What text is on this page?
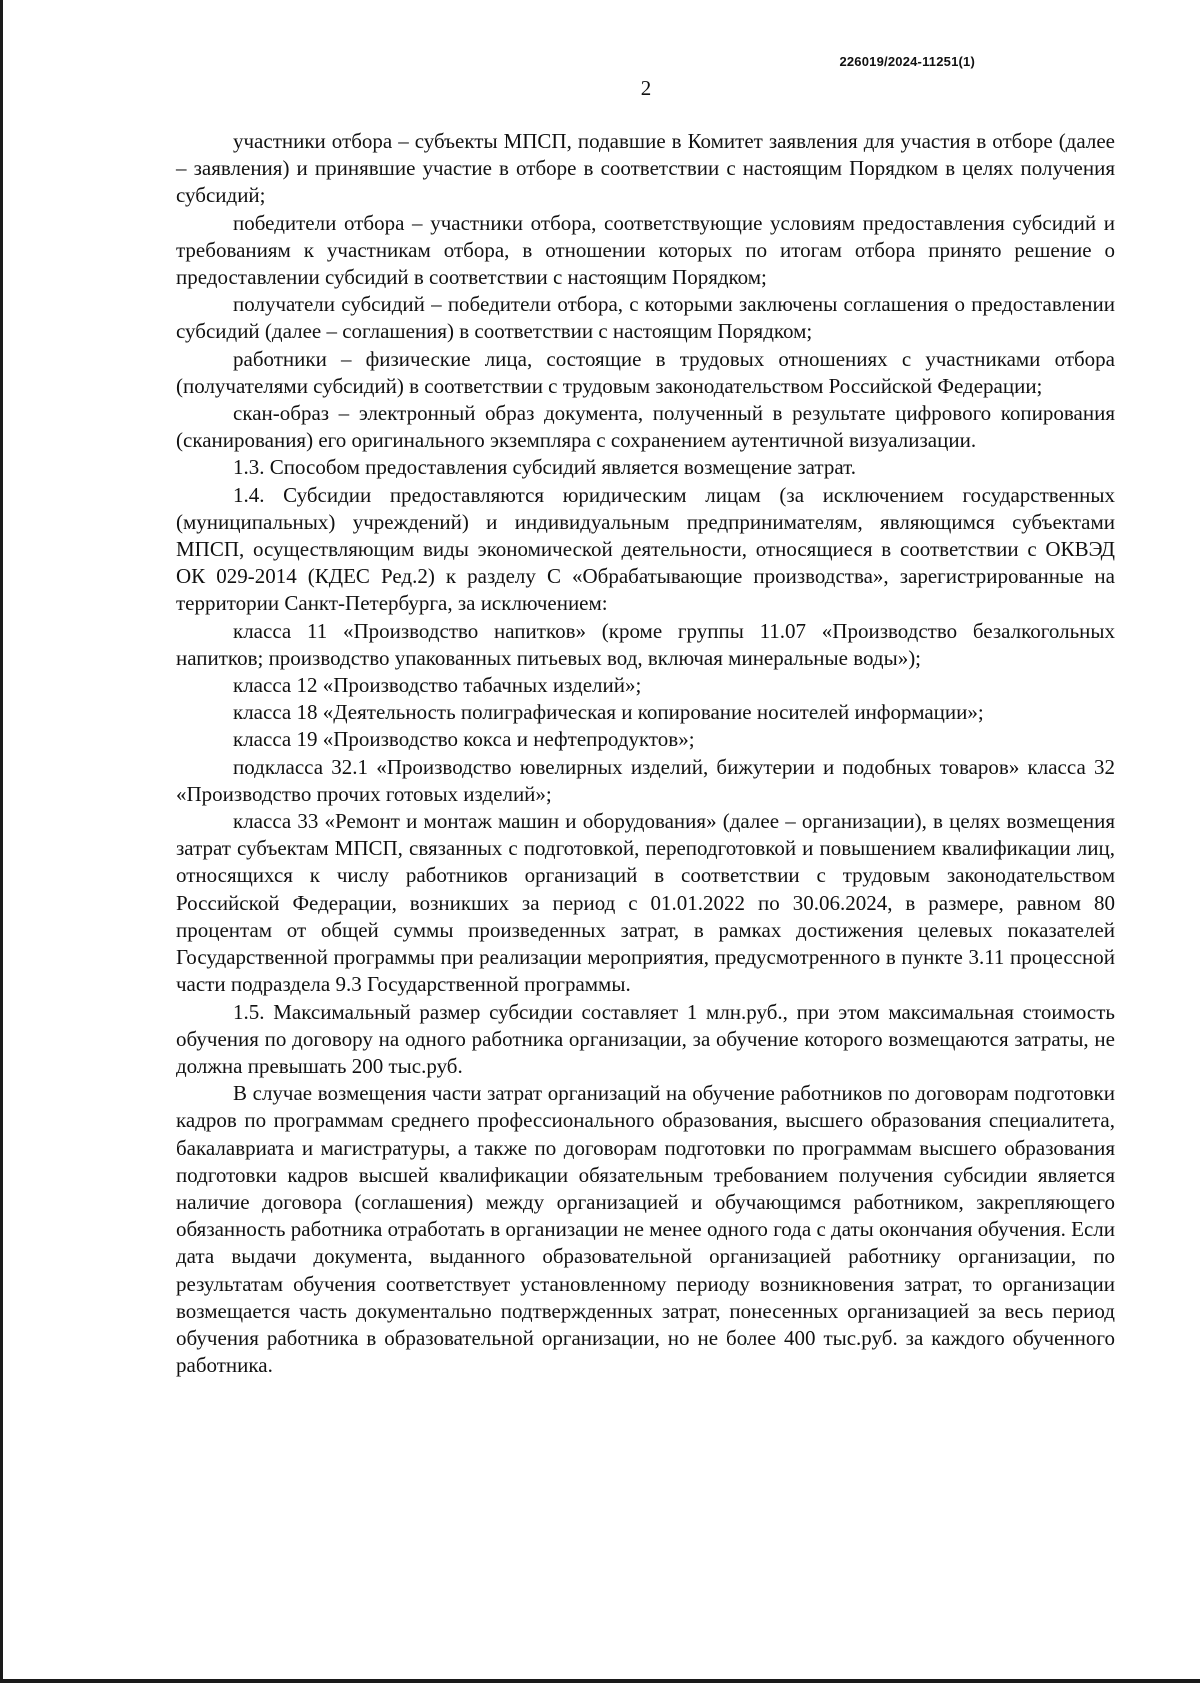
226019/2024-11251(1)
2

участники отбора – субъекты МПСП, подавшие в Комитет заявления для участия в отборе (далее – заявления) и принявшие участие в отборе в соответствии с настоящим Порядком в целях получения субсидий;

победители отбора – участники отбора, соответствующие условиям предоставления субсидий и требованиям к участникам отбора, в отношении которых по итогам отбора принято решение о предоставлении субсидий в соответствии с настоящим Порядком;

получатели субсидий – победители отбора, с которыми заключены соглашения о предоставлении субсидий (далее – соглашения) в соответствии с настоящим Порядком;

работники – физические лица, состоящие в трудовых отношениях с участниками отбора (получателями субсидий) в соответствии с трудовым законодательством Российской Федерации;

скан-образ – электронный образ документа, полученный в результате цифрового копирования (сканирования) его оригинального экземпляра с сохранением аутентичной визуализации.

1.3. Способом предоставления субсидий является возмещение затрат.

1.4. Субсидии предоставляются юридическим лицам (за исключением государственных (муниципальных) учреждений) и индивидуальным предпринимателям, являющимся субъектами МПСП, осуществляющим виды экономической деятельности, относящиеся в соответствии с ОКВЭД ОК 029-2014 (КДЕС Ред.2) к разделу С «Обрабатывающие производства», зарегистрированные на территории Санкт-Петербурга, за исключением:

класса 11 «Производство напитков» (кроме группы 11.07 «Производство безалкогольных напитков; производство упакованных питьевых вод, включая минеральные воды»);

класса 12 «Производство табачных изделий»;

класса 18 «Деятельность полиграфическая и копирование носителей информации»;

класса 19 «Производство кокса и нефтепродуктов»;

подкласса 32.1 «Производство ювелирных изделий, бижутерии и подобных товаров» класса 32 «Производство прочих готовых изделий»;

класса 33 «Ремонт и монтаж машин и оборудования» (далее – организации), в целях возмещения затрат субъектам МПСП, связанных с подготовкой, переподготовкой и повышением квалификации лиц, относящихся к числу работников организаций в соответствии с трудовым законодательством Российской Федерации, возникших за период с 01.01.2022 по 30.06.2024, в размере, равном 80 процентам от общей суммы произведенных затрат, в рамках достижения целевых показателей Государственной программы при реализации мероприятия, предусмотренного в пункте 3.11 процессной части подраздела 9.3 Государственной программы.

1.5. Максимальный размер субсидии составляет 1 млн.руб., при этом максимальная стоимость обучения по договору на одного работника организации, за обучение которого возмещаются затраты, не должна превышать 200 тыс.руб.

В случае возмещения части затрат организаций на обучение работников по договорам подготовки кадров по программам среднего профессионального образования, высшего образования специалитета, бакалавриата и магистратуры, а также по договорам подготовки по программам высшего образования подготовки кадров высшей квалификации обязательным требованием получения субсидии является наличие договора (соглашения) между организацией и обучающимся работником, закрепляющего обязанность работника отработать в организации не менее одного года с даты окончания обучения. Если дата выдачи документа, выданного образовательной организацией работнику организации, по результатам обучения соответствует установленному периоду возникновения затрат, то организации возмещается часть документально подтвержденных затрат, понесенных организацией за весь период обучения работника в образовательной организации, но не более 400 тыс.руб. за каждого обученного работника.
